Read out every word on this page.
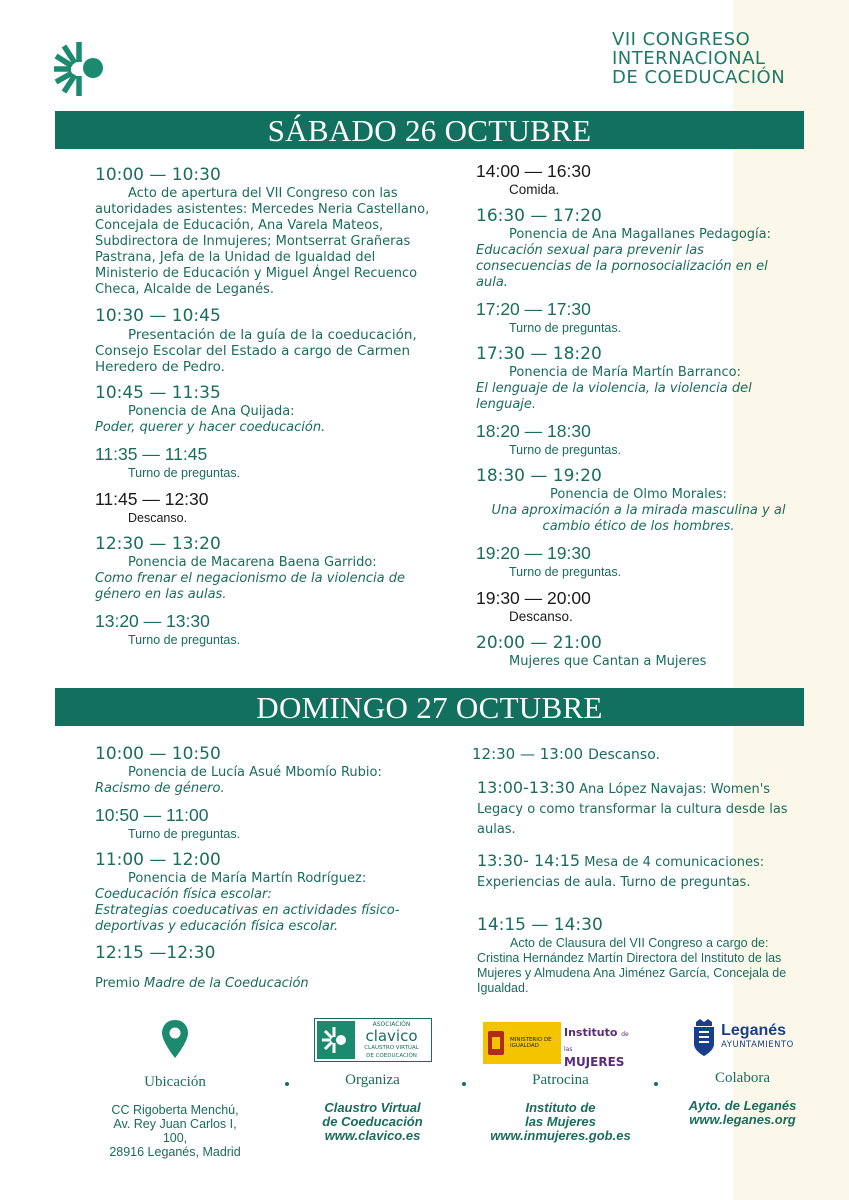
VII CONGRESO
INTERNACIONAL
DE COEDUCACIÓN
SÁBADO 26 OCTUBRE
10:00 — 10:30
Acto de apertura del VII Congreso con las autoridades asistentes: Mercedes Neria Castellano, Concejala de Educación, Ana Varela Mateos, Subdirectora de Inmujeres; Montserrat Grañeras Pastrana, Jefa de la Unidad de Igualdad del Ministerio de Educación y Miguel Ángel Recuenco Checa, Alcalde de Leganés.
10:30 — 10:45
Presentación de la guía de la coeducación, Consejo Escolar del Estado a cargo de Carmen Heredero de Pedro.
10:45 — 11:35
Ponencia de Ana Quijada:
Poder, querer y hacer coeducación.
11:35 — 11:45
Turno de preguntas.
11:45 — 12:30
Descanso.
12:30 — 13:20
Ponencia de Macarena Baena Garrido:
Como frenar el negacionismo de la violencia de género en las aulas.
13:20 — 13:30
Turno de preguntas.
14:00 — 16:30
Comida.
16:30 — 17:20
Ponencia de Ana Magallanes Pedagogía:
Educación sexual para prevenir las consecuencias de la pornosocialización en el aula.
17:20 — 17:30
Turno de preguntas.
17:30 — 18:20
Ponencia de María Martín Barranco:
El lenguaje de la violencia, la violencia del lenguaje.
18:20 — 18:30
Turno de preguntas.
18:30 — 19:20
Ponencia de Olmo Morales:
Una aproximación a la mirada masculina y al cambio ético de los hombres.
19:20 — 19:30
Turno de preguntas.
19:30 — 20:00
Descanso.
20:00 — 21:00
Mujeres que Cantan a Mujeres
DOMINGO 27 OCTUBRE
10:00 — 10:50
Ponencia de Lucía Asué Mbomío Rubio:
Racismo de género.
10:50 — 11:00
Turno de preguntas.
11:00 — 12:00
Ponencia de María Martín Rodríguez:
Coeducación física escolar:
Estrategias coeducativas en actividades físico-deportivas y educación física escolar.
12:15 —12:30
Premio Madre de la Coeducación
12:30 — 13:00 Descanso.
13:00-13:30 Ana López Navajas: Women's Legacy o como transformar la cultura desde las aulas.
13:30- 14:15 Mesa de 4 comunicaciones: Experiencias de aula. Turno de preguntas.
14:15 — 14:30
Acto de Clausura del VII Congreso a cargo de: Cristina Hernández Martín Directora del Instituto de las Mujeres y Almudena Ana Jiménez García, Concejala de Igualdad.
Ubicación
CC Rigoberta Menchú,
Av. Rey Juan Carlos I, 100,
28916 Leganés, Madrid
ASOCIACIÓN
clavico
CLAUSTRO VIRTUAL
DE COEDUCACIÓN
Organiza
Claustro Virtual
de Coeducación
www.clavico.es
MINISTERIO DE IGUALDAD
Instituto de las
MUJERES
Patrocina
Instituto de
las Mujeres
www.inmujeres.gob.es
Leganés
AYUNTAMIENTO
Colabora
Ayto. de Leganés
www.leganes.org
